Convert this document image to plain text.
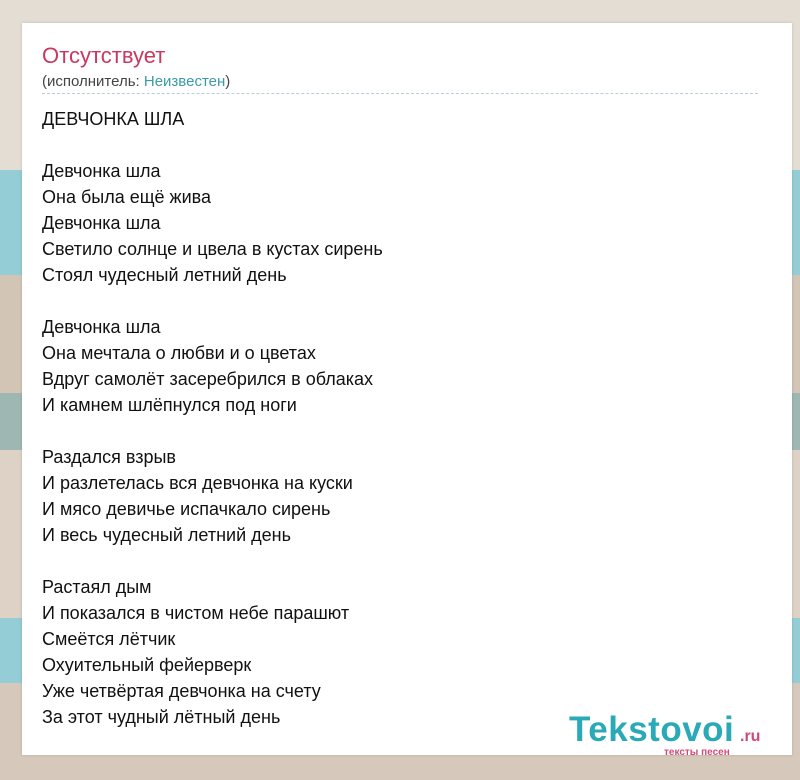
Отсутствует
(исполнитель: Неизвестен)
ДЕВЧОНКА ШЛА
Девчонка шла
Она была ещё жива
Девчонка шла
Светило солнце и цвела в кустах сирень
Стоял чудесный летний день
Девчонка шла
Она мечтала о любви и о цветах
Вдруг самолёт засеребрился в облаках
И камнем шлёпнулся под ноги
Раздался взрыв
И разлетелась вся девчонка на куски
И мясо девичье испачкало сирень
И весь чудесный летний день
Растаял дым
И показался в чистом небе парашют
Смеётся лётчик
Охуительный фейерверк
Уже четвёртая девчонка на счету
За этот чудный лётный день	Tekstovoi .ru
тексты песен
